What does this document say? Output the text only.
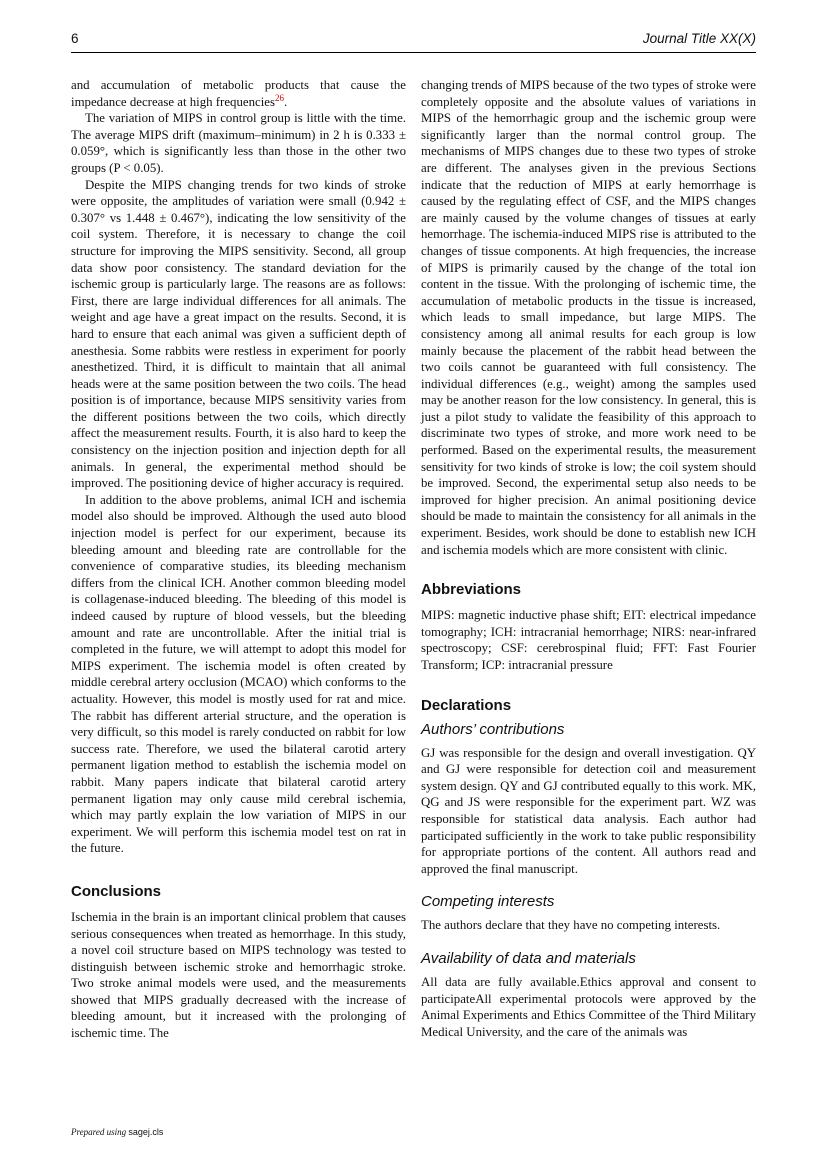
6	Journal Title XX(X)

and accumulation of metabolic products that cause the impedance decrease at high frequencies$^{26}$.

The variation of MIPS in control group is little with the time. The average MIPS drift (maximum–minimum) in 2 h is 0.333 ± 0.059°, which is significantly less than those in the other two groups (P < 0.05).

Despite the MIPS changing trends for two kinds of stroke were opposite, the amplitudes of variation were small (0.942 ± 0.307° vs 1.448 ± 0.467°), indicating the low sensitivity of the coil system. Therefore, it is necessary to change the coil structure for improving the MIPS sensitivity. Second, all group data show poor consistency. The standard deviation for the ischemic group is particularly large. The reasons are as follows: First, there are large individual differences for all animals. The weight and age have a great impact on the results. Second, it is hard to ensure that each animal was given a sufficient depth of anesthesia. Some rabbits were restless in experiment for poorly anesthetized. Third, it is difficult to maintain that all animal heads were at the same position between the two coils. The head position is of importance, because MIPS sensitivity varies from the different positions between the two coils, which directly affect the measurement results. Fourth, it is also hard to keep the consistency on the injection position and injection depth for all animals. In general, the experimental method should be improved. The positioning device of higher accuracy is required.

In addition to the above problems, animal ICH and ischemia model also should be improved. Although the used auto blood injection model is perfect for our experiment, because its bleeding amount and bleeding rate are controllable for the convenience of comparative studies, its bleeding mechanism differs from the clinical ICH. Another common bleeding model is collagenase-induced bleeding. The bleeding of this model is indeed caused by rupture of blood vessels, but the bleeding amount and rate are uncontrollable. After the initial trial is completed in the future, we will attempt to adopt this model for MIPS experiment. The ischemia model is often created by middle cerebral artery occlusion (MCAO) which conforms to the actuality. However, this model is mostly used for rat and mice. The rabbit has different arterial structure, and the operation is very difficult, so this model is rarely conducted on rabbit for low success rate. Therefore, we used the bilateral carotid artery permanent ligation method to establish the ischemia model on rabbit. Many papers indicate that bilateral carotid artery permanent ligation may only cause mild cerebral ischemia, which may partly explain the low variation of MIPS in our experiment. We will perform this ischemia model test on rat in the future.

Conclusions

Ischemia in the brain is an important clinical problem that causes serious consequences when treated as hemorrhage. In this study, a novel coil structure based on MIPS technology was tested to distinguish between ischemic stroke and hemorrhagic stroke. Two stroke animal models were used, and the measurements showed that MIPS gradually decreased with the increase of bleeding amount, but it increased with the prolonging of ischemic time. The

changing trends of MIPS because of the two types of stroke were completely opposite and the absolute values of variations in MIPS of the hemorrhagic group and the ischemic group were significantly larger than the normal control group. The mechanisms of MIPS changes due to these two types of stroke are different. The analyses given in the previous Sections indicate that the reduction of MIPS at early hemorrhage is caused by the regulating effect of CSF, and the MIPS changes are mainly caused by the volume changes of tissues at early hemorrhage. The ischemia-induced MIPS rise is attributed to the changes of tissue components. At high frequencies, the increase of MIPS is primarily caused by the change of the total ion content in the tissue. With the prolonging of ischemic time, the accumulation of metabolic products in the tissue is increased, which leads to small impedance, but large MIPS. The consistency among all animal results for each group is low mainly because the placement of the rabbit head between the two coils cannot be guaranteed with full consistency. The individual differences (e.g., weight) among the samples used may be another reason for the low consistency. In general, this is just a pilot study to validate the feasibility of this approach to discriminate two types of stroke, and more work need to be performed. Based on the experimental results, the measurement sensitivity for two kinds of stroke is low; the coil system should be improved. Second, the experimental setup also needs to be improved for higher precision. An animal positioning device should be made to maintain the consistency for all animals in the experiment. Besides, work should be done to establish new ICH and ischemia models which are more consistent with clinic.

Abbreviations

MIPS: magnetic inductive phase shift; EIT: electrical impedance tomography; ICH: intracranial hemorrhage; NIRS: near-infrared spectroscopy; CSF: cerebrospinal fluid; FFT: Fast Fourier Transform; ICP: intracranial pressure

Declarations
Authors’ contributions

GJ was responsible for the design and overall investigation. QY and GJ were responsible for detection coil and measurement system design. QY and GJ contributed equally to this work. MK, QG and JS were responsible for the experiment part. WZ was responsible for statistical data analysis. Each author had participated sufficiently in the work to take public responsibility for appropriate portions of the content. All authors read and approved the final manuscript.

Competing interests

The authors declare that they have no competing interests.

Availability of data and materials

All data are fully available.Ethics approval and consent to participateAll experimental protocols were approved by the Animal Experiments and Ethics Committee of the Third Military Medical University, and the care of the animals was

Prepared using sagej.cls
